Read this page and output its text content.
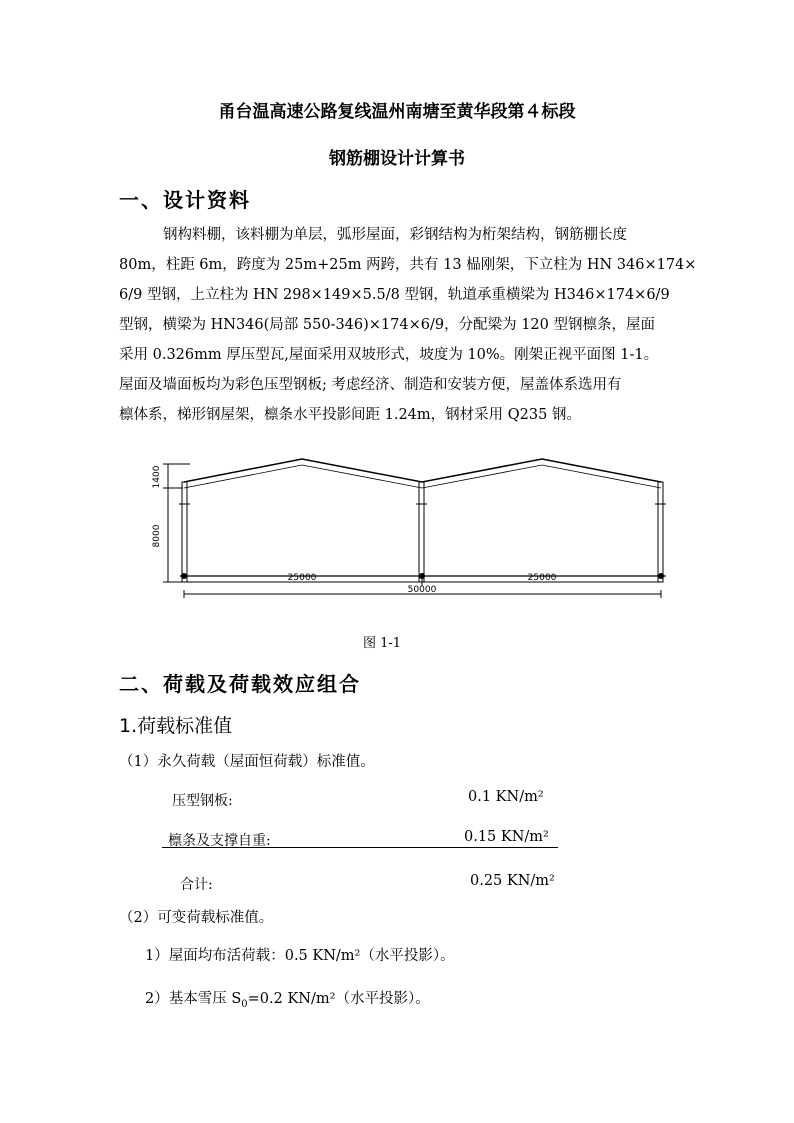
甬台温高速公路复线温州南塘至黄华段第４标段
钢筋棚设计计算书
一、设计资料
钢构料棚，该料棚为单层，弧形屋面，彩钢结构为桁架结构，钢筋棚长度
80m，柱距 6m，跨度为 25m+25m 两跨，共有 13 榀刚架，下立柱为 HN 346×174×
6/9 型钢，上立柱为 HN 298×149×5.5/8 型钢，轨道承重横梁为 H346×174×6/9
型钢，横梁为 HN346(局部 550-346)×174×6/9，分配梁为 120 型钢檩条，屋面
采用 0.326mm 厚压型瓦,屋面采用双坡形式，坡度为 10%。刚架正视平面图 1-1。
屋面及墙面板均为彩色压型钢板; 考虑经济、制造和安装方便，屋盖体系选用有
檩体系，梯形钢屋架，檩条水平投影间距 1.24m，钢材采用 Q235 钢。
1400
8000
25000	25000
50000
图 1-1
二、荷载及荷载效应组合
1.荷载标准值
（1）永久荷载（屋面恒荷载）标准值。
压型钢板:	0.1 KN/m²
檩条及支撑自重:	0.15 KN/m²
合计:	0.25 KN/m²
（2）可变荷载标准值。
1）屋面均布活荷载：0.5 KN/m²（水平投影）。
2）基本雪压 $S_0=0.2$ KN/m²（水平投影）。
